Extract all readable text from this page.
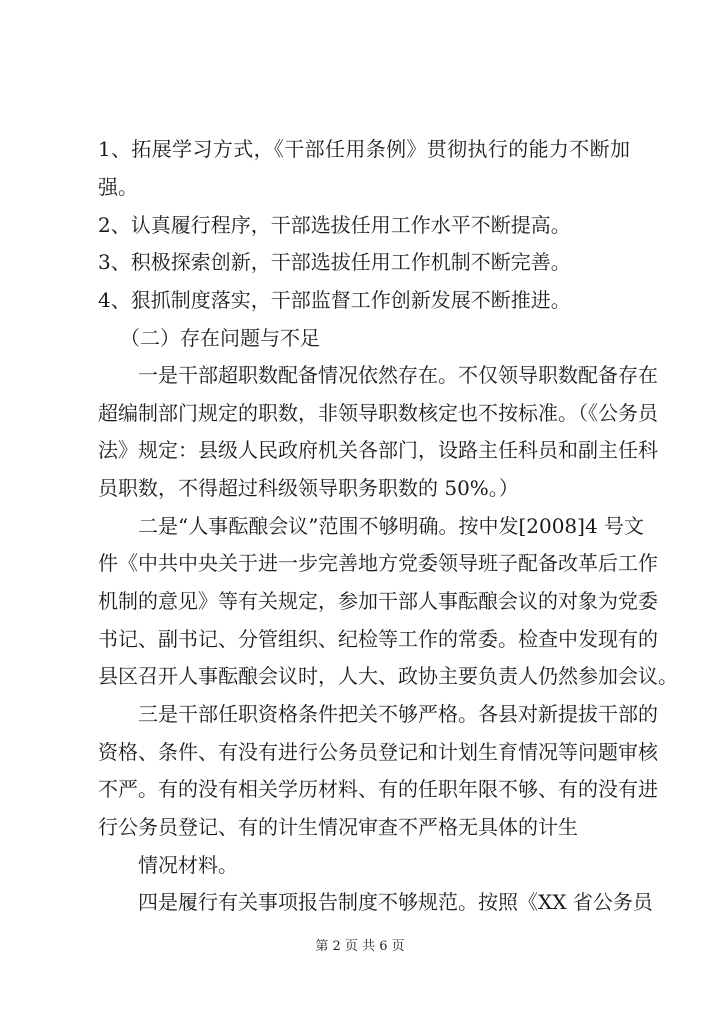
1、拓展学习方式，《干部任用条例》贯彻执行的能力不断加
强。
2、认真履行程序，干部选拔任用工作水平不断提高。
3、积极探索创新，干部选拔任用工作机制不断完善。
4、狠抓制度落实，干部监督工作创新发展不断推进。
（二）存在问题与不足
一是干部超职数配备情况依然存在。不仅领导职数配备存在
超编制部门规定的职数，非领导职数核定也不按标准。（《公务员
法》规定：县级人民政府机关各部门，设路主任科员和副主任科
员职数，不得超过科级领导职务职数的 50%。）
二是“人事酝酿会议”范围不够明确。按中发[2008]4 号文
件《中共中央关于进一步完善地方党委领导班子配备改革后工作
机制的意见》等有关规定，参加干部人事酝酿会议的对象为党委
书记、副书记、分管组织、纪检等工作的常委。检查中发现有的
县区召开人事酝酿会议时，人大、政协主要负责人仍然参加会议。
三是干部任职资格条件把关不够严格。各县对新提拔干部的
资格、条件、有没有进行公务员登记和计划生育情况等问题审核
不严。有的没有相关学历材料、有的任职年限不够、有的没有进
行公务员登记、有的计生情况审查不严格无具体的计生
情况材料。
四是履行有关事项报告制度不够规范。按照《XX 省公务员
第 2 页 共 6 页
